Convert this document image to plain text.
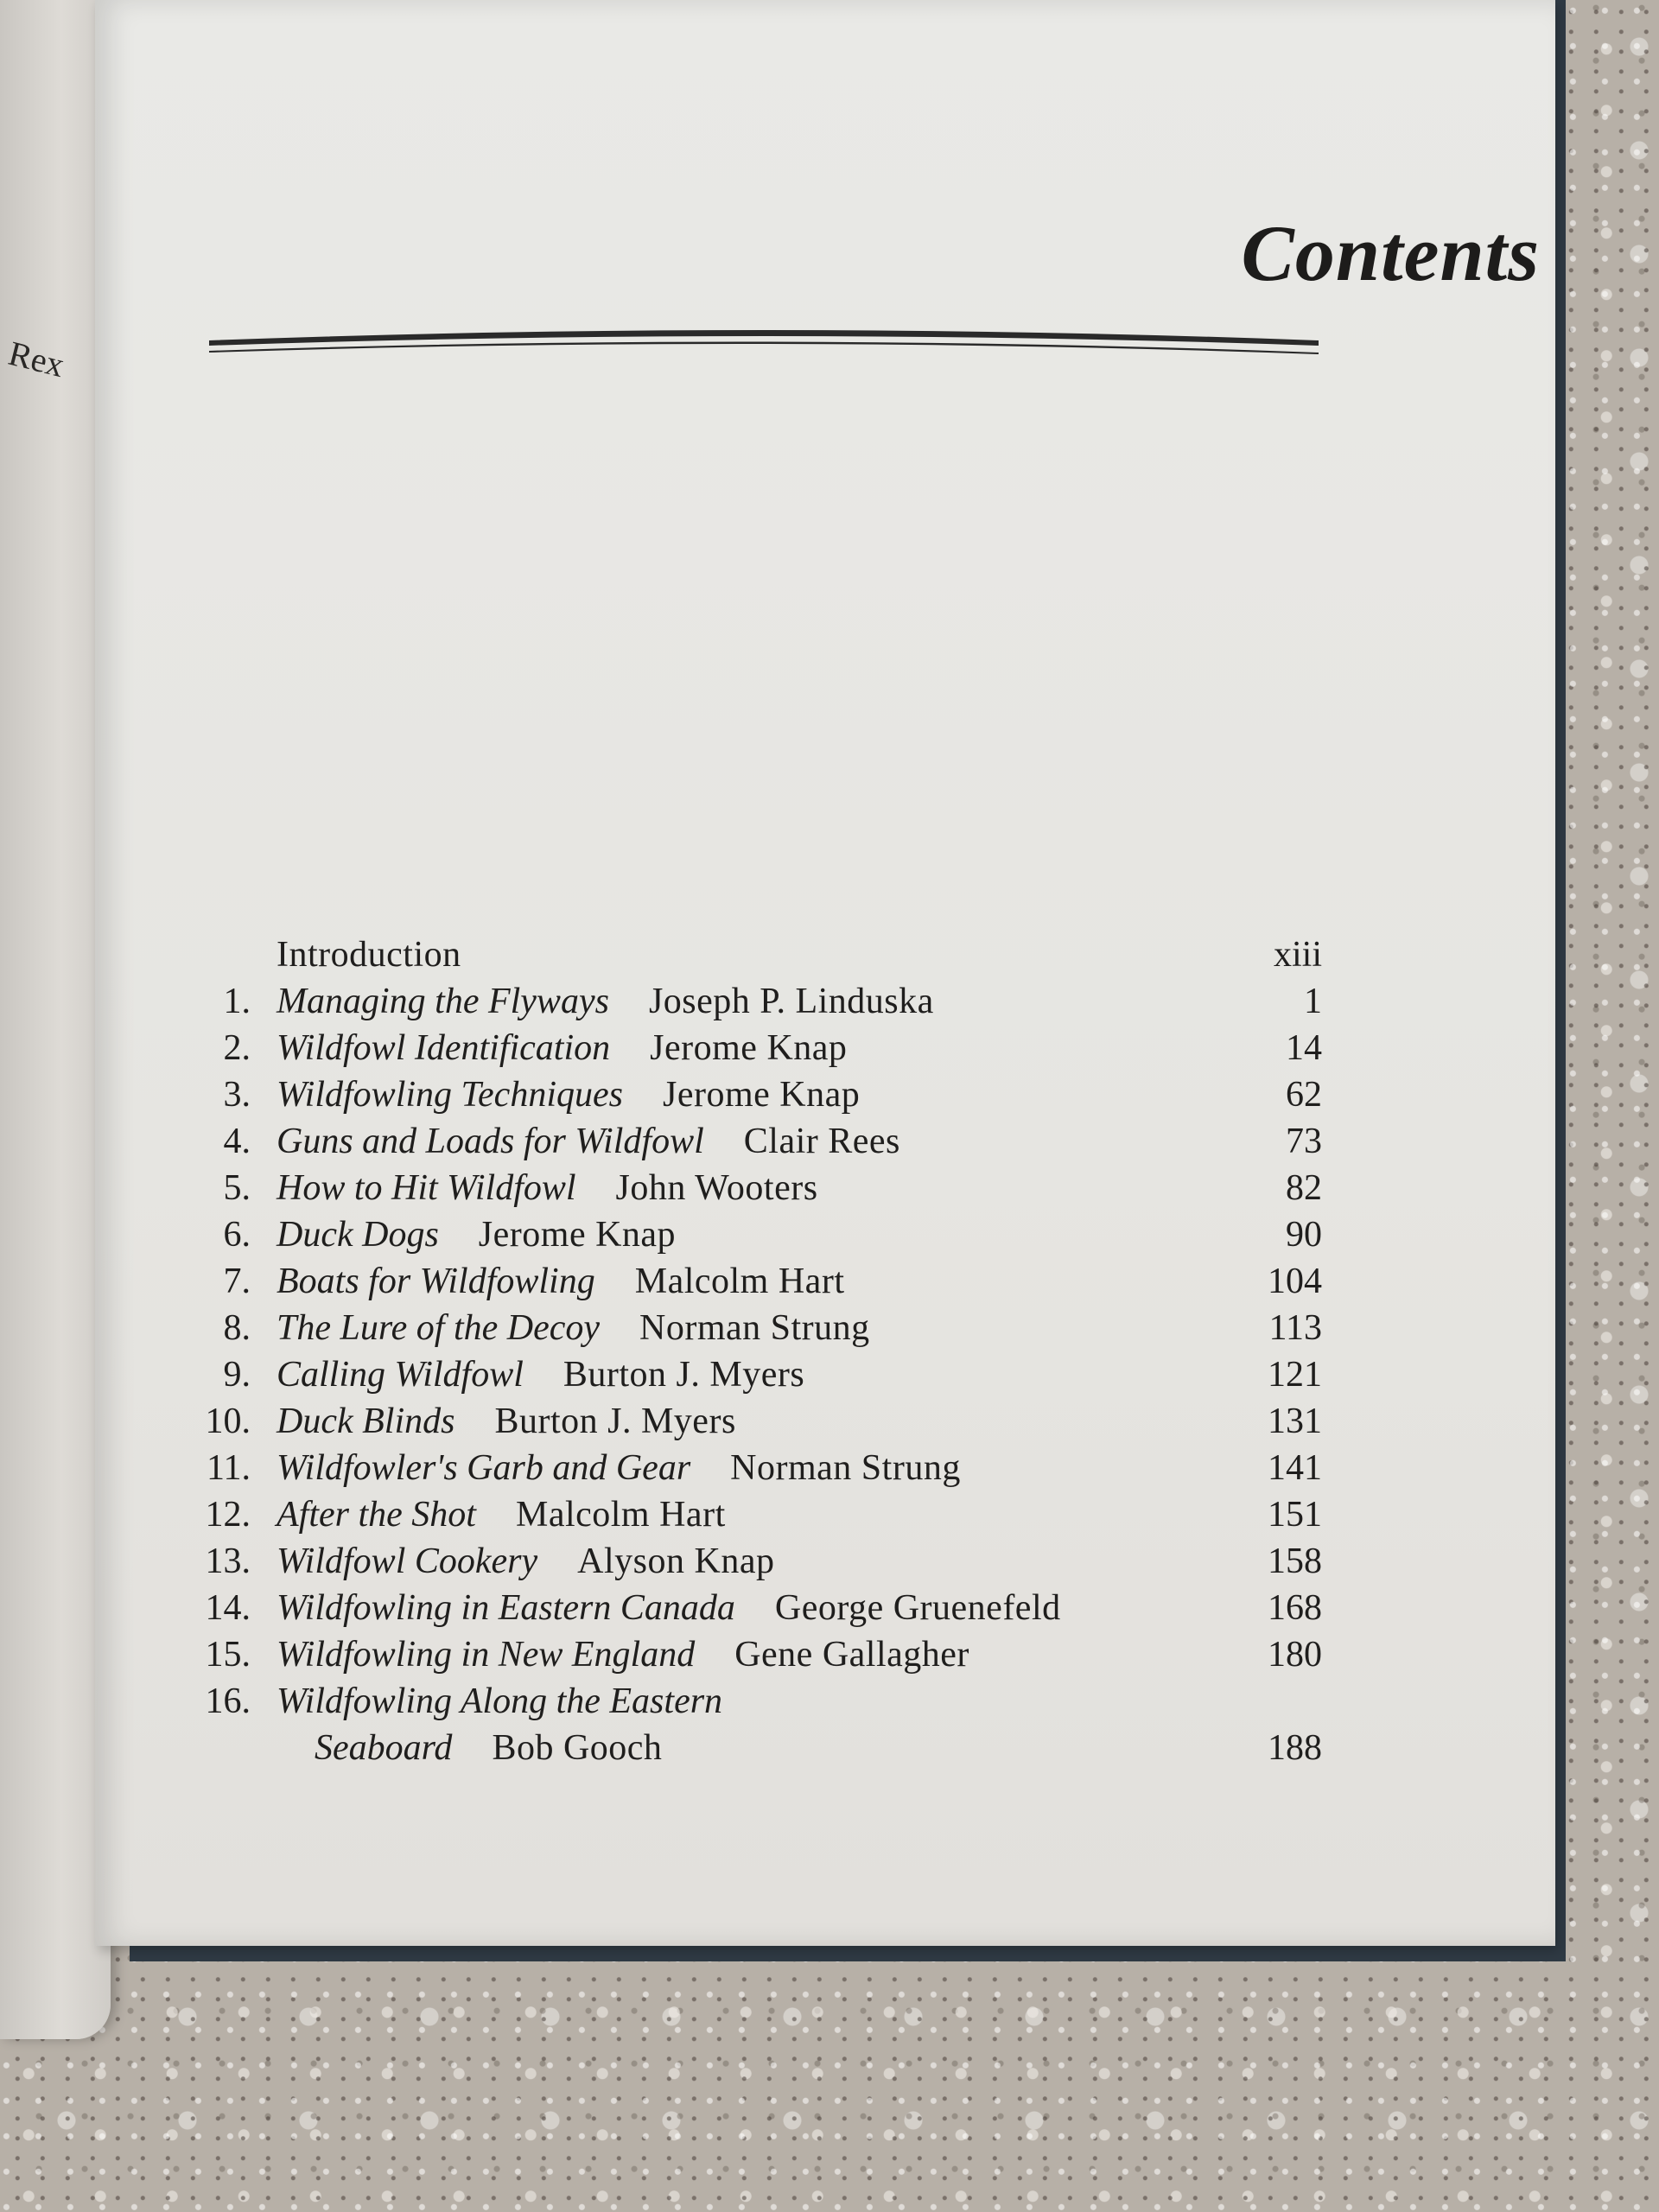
Rex
Contents
Introduction	xiii
1. Managing the Flyways Joseph P. Linduska	1
2. Wildfowl Identification Jerome Knap	14
3. Wildfowling Techniques Jerome Knap	62
4. Guns and Loads for Wildfowl Clair Rees	73
5. How to Hit Wildfowl John Wooters	82
6. Duck Dogs Jerome Knap	90
7. Boats for Wildfowling Malcolm Hart	104
8. The Lure of the Decoy Norman Strung	113
9. Calling Wildfowl Burton J. Myers	121
10. Duck Blinds Burton J. Myers	131
11. Wildfowler's Garb and Gear Norman Strung	141
12. After the Shot Malcolm Hart	151
13. Wildfowl Cookery Alyson Knap	158
14. Wildfowling in Eastern Canada George Gruenefeld	168
15. Wildfowling in New England Gene Gallagher	180
16. Wildfowling Along the Eastern
Seaboard Bob Gooch	188
